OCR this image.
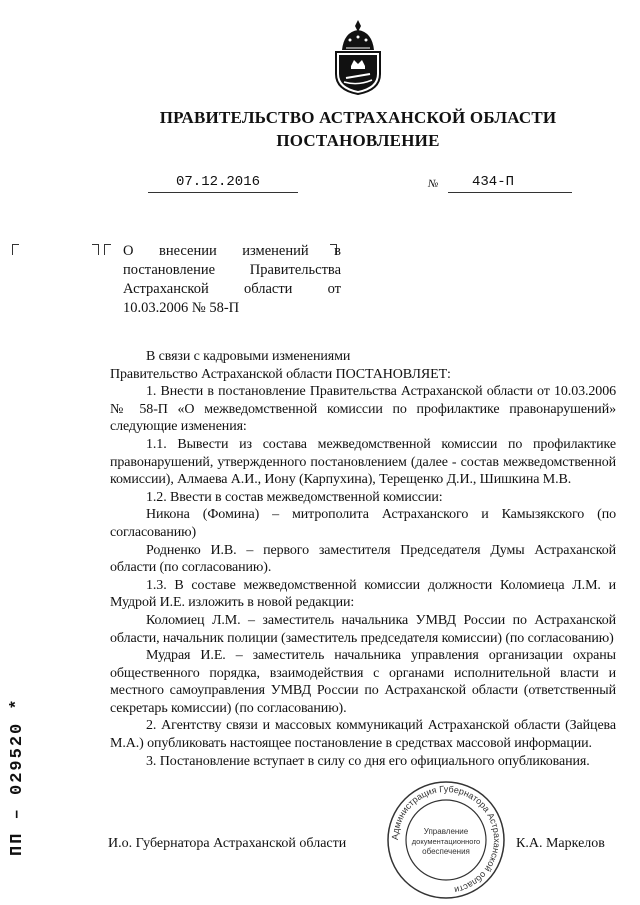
ПРАВИТЕЛЬСТВО АСТРАХАНСКОЙ ОБЛАСТИ
ПОСТАНОВЛЕНИЕ
07.12.2016	№ 434-П
О внесении изменений в постановление Правительства Астраханской области от 10.03.2006 № 58-П

В связи с кадровыми изменениями

Правительство Астраханской области ПОСТАНОВЛЯЕТ:

1. Внести в постановление Правительства Астраханской области от 10.03.2006 № 58-П «О межведомственной комиссии по профилактике правонарушений» следующие изменения:

1.1. Вывести из состава межведомственной комиссии по профилактике правонарушений, утвержденного постановлением (далее - состав межведомственной комиссии), Алмаева А.И., Иону (Карпухина), Терещенко Д.И., Шишкина М.В.

1.2. Ввести в состав межведомственной комиссии:

Никона (Фомина) – митрополита Астраханского и Камызякского (по согласованию)

Родненко И.В. – первого заместителя Председателя Думы Астраханской области (по согласованию).

1.3. В составе межведомственной комиссии должности Коломиеца Л.М. и Мудрой И.Е. изложить в новой редакции:

Коломиец Л.М. – заместитель начальника УМВД России по Астраханской области, начальник полиции (заместитель председателя комиссии) (по согласованию)

Мудрая И.Е. – заместитель начальника управления организации охраны общественного порядка, взаимодействия с органами исполнительной власти и местного самоуправления УМВД России по Астраханской области (ответственный секретарь комиссии) (по согласованию).

2. Агентству связи и массовых коммуникаций Астраханской области (Зайцева М.А.) опубликовать настоящее постановление в средствах массовой информации.

3. Постановление вступает в силу со дня его официального опубликования.

И.о. Губернатора Астраханской области	К.А. Маркелов
Администрация Губернатора Астраханской области
Управление
документационного
обеспечения
ПП – 029520 *
